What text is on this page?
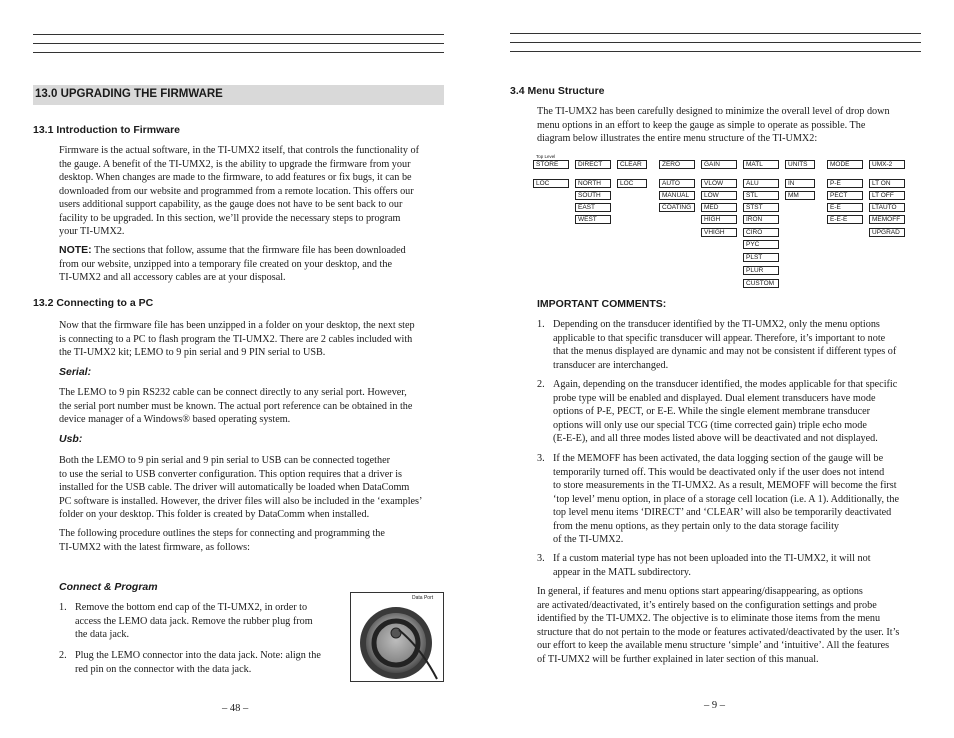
13.0 UPGRADING THE FIRMWARE
13.1 Introduction to Firmware
Firmware is the actual software, in the TI-UMX2 itself, that controls the functionality of
the gauge. A benefit of the TI-UMX2, is the ability to upgrade the firmware from your
desktop. When changes are made to the firmware, to add features or fix bugs, it can be
downloaded from our website and programmed from a remote location. This offers our
users additional support capability, as the gauge does not have to be sent back to our
facility to be upgraded. In this section, we’ll provide the necessary steps to program
your TI-UMX2.
NOTE: The sections that follow, assume that the firmware file has been downloaded
from our website, unzipped into a temporary file created on your desktop, and the
TI-UMX2 and all accessory cables are at your disposal.
13.2 Connecting to a PC
Now that the firmware file has been unzipped in a folder on your desktop, the next step
is connecting to a PC to flash program the TI-UMX2. There are 2 cables included with
the TI-UMX2 kit; LEMO to 9 pin serial and 9 PIN serial to USB.
Serial:
The LEMO to 9 pin RS232 cable can be connect directly to any serial port. However,
the serial port number must be known. The actual port reference can be obtained in the
device manager of a Windows® based operating system.
Usb:
Both the LEMO to 9 pin serial and 9 pin serial to USB can be connected together
to use the serial to USB converter configuration. This option requires that a driver is
installed for the USB cable. The driver will automatically be loaded when DataComm
PC software is installed. However, the driver files will also be included in the ‘examples’
folder on your desktop. This folder is created by DataComm when installed.
The following procedure outlines the steps for connecting and programming the
TI-UMX2 with the latest firmware, as follows:
Connect & Program
1. Remove the bottom end cap of the TI-UMX2, in order to
access the LEMO data jack. Remove the rubber plug from
the data jack.
2. Plug the LEMO connector into the data jack. Note: align the
red pin on the connector with the data jack.
Data Port
– 48 –
3.4 Menu Structure
The TI-UMX2 has been carefully designed to minimize the overall level of drop down
menu options in an effort to keep the gauge as simple to operate as possible. The
diagram below illustrates the entire menu structure of the TI-UMX2:
Top Level
STORE
LOC
DIRECT
NORTH
SOUTH
EAST
WEST
CLEAR
LOC
ZERO
AUTO
MANUAL
COATING
GAIN
VLOW
LOW
MED
HIGH
VHIGH
MATL
ALU
STL
STST
IRON
CIRO
PYC
PLST
PLUR
CUSTOM
UNITS
IN
MM
MODE
P-E
PECT
E-E
E-E-E
UMX-2
LT ON
LT OFF
LTAUTO
MEMOFF
UPGRAD
IMPORTANT COMMENTS:
1. Depending on the transducer identified by the TI-UMX2, only the menu options
applicable to that specific transducer will appear. Therefore, it’s important to note
that the menus displayed are dynamic and may not be consistent if different types of
transducer are interchanged.
2. Again, depending on the transducer identified, the modes applicable for that specific
probe type will be enabled and displayed. Dual element transducers have mode
options of P-E, PECT, or E-E. While the single element membrane transducer
options will only use our special TCG (time corrected gain) triple echo mode
(E-E-E), and all three modes listed above will be deactivated and not displayed.
3. If the MEMOFF has been activated, the data logging section of the gauge will be
temporarily turned off. This would be deactivated only if the user does not intend
to store measurements in the TI-UMX2. As a result, MEMOFF will become the first
‘top level’ menu option, in place of a storage cell location (i.e. A 1). Additionally, the
top level menu items ‘DIRECT’ and ‘CLEAR’ will also be temporarily deactivated
from the menu options, as they pertain only to the data storage facility
of the TI-UMX2.
3. If a custom material type has not been uploaded into the TI-UMX2, it will not
appear in the MATL subdirectory.
In general, if features and menu options start appearing/disappearing, as options
are activated/deactivated, it’s entirely based on the configuration settings and probe
identified by the TI-UMX2. The objective is to eliminate those items from the menu
structure that do not pertain to the mode or features activated/deactivated by the user. It’s
our effort to keep the available menu structure ‘simple’ and ‘intuitive’. All the features
of TI-UMX2 will be further explained in later section of this manual.
– 9 –
